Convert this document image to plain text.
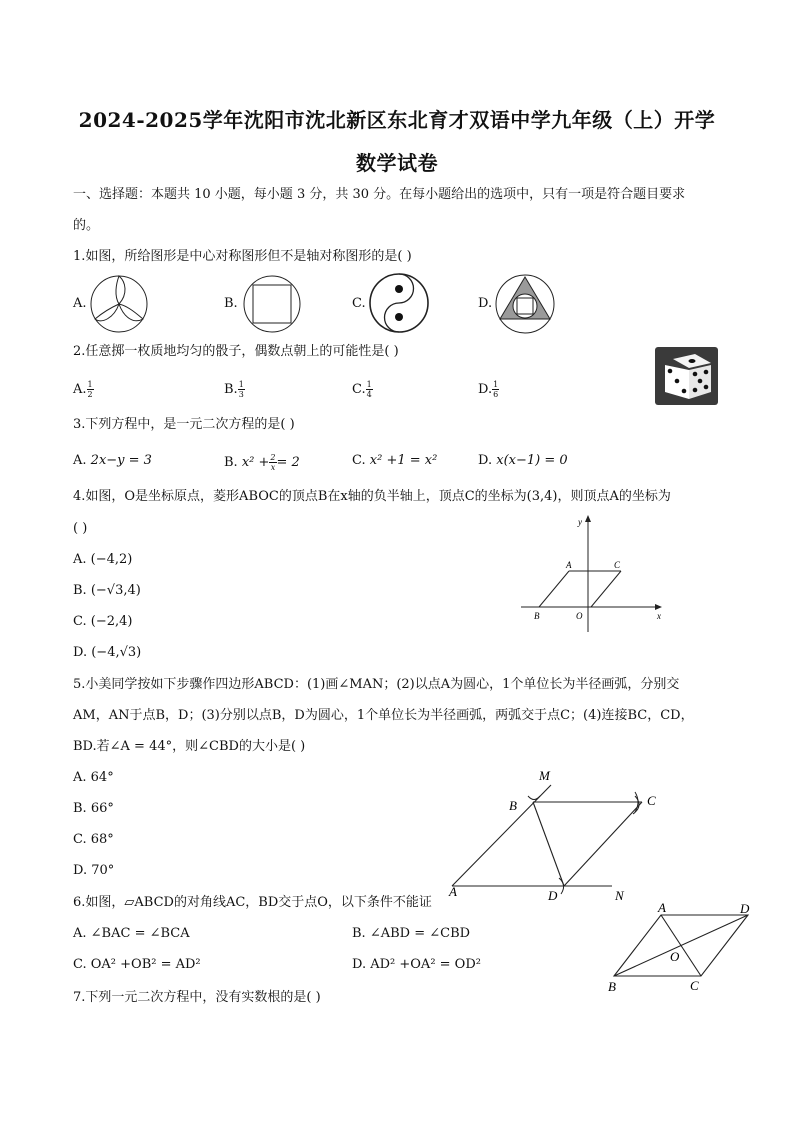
2024-2025学年沈阳市沈北新区东北育才双语中学九年级（上）开学
数学试卷
一、选择题：本题共 10 小题，每小题 3 分，共 30 分。在每小题给出的选项中，只有一项是符合题目要求
的。
1.如图，所给图形是中心对称图形但不是轴对称图形的是( )
A.	B.	C.	D.
2.任意掷一枚质地均匀的骰子，偶数点朝上的可能性是( )
A. $\frac{1}{2}$	B. $\frac{1}{3}$	C. $\frac{1}{4}$	D. $\frac{1}{6}$
3.下列方程中，是一元二次方程的是( )
A. 2x−y = 3	B. $x^2 + \frac{2}{x} = 2$	C. x² +1 = x²	D. x(x−1) = 0
4.如图，O是坐标原点，菱形ABOC的顶点B在x轴的负半轴上，顶点C的坐标为(3,4)，则顶点A的坐标为
( )
A. (−4,2)
B. (−√3,4)
C. (−2,4)
D. (−4,√3)
y
x
A	C
B	O
5.小美同学按如下步骤作四边形ABCD：(1)画∠MAN；(2)以点A为圆心，1个单位长为半径画弧，分别交
AM，AN于点B，D；(3)分别以点B，D为圆心，1个单位长为半径画弧，两弧交于点C；(4)连接BC，CD，
BD.若∠A = 44°，则∠CBD的大小是( )
A. 64°
B. 66°
C. 68°
D. 70°
M
B	C
A	D	N
6.如图，▱ABCD的对角线AC，BD交于点O，以下条件不能证
A. ∠BAC = ∠BCA	B. ∠ABD = ∠CBD
C. OA² +OB² = AD²	D. AD² +OA² = OD²
A	D
O
B	C
7.下列一元二次方程中，没有实数根的是( )
